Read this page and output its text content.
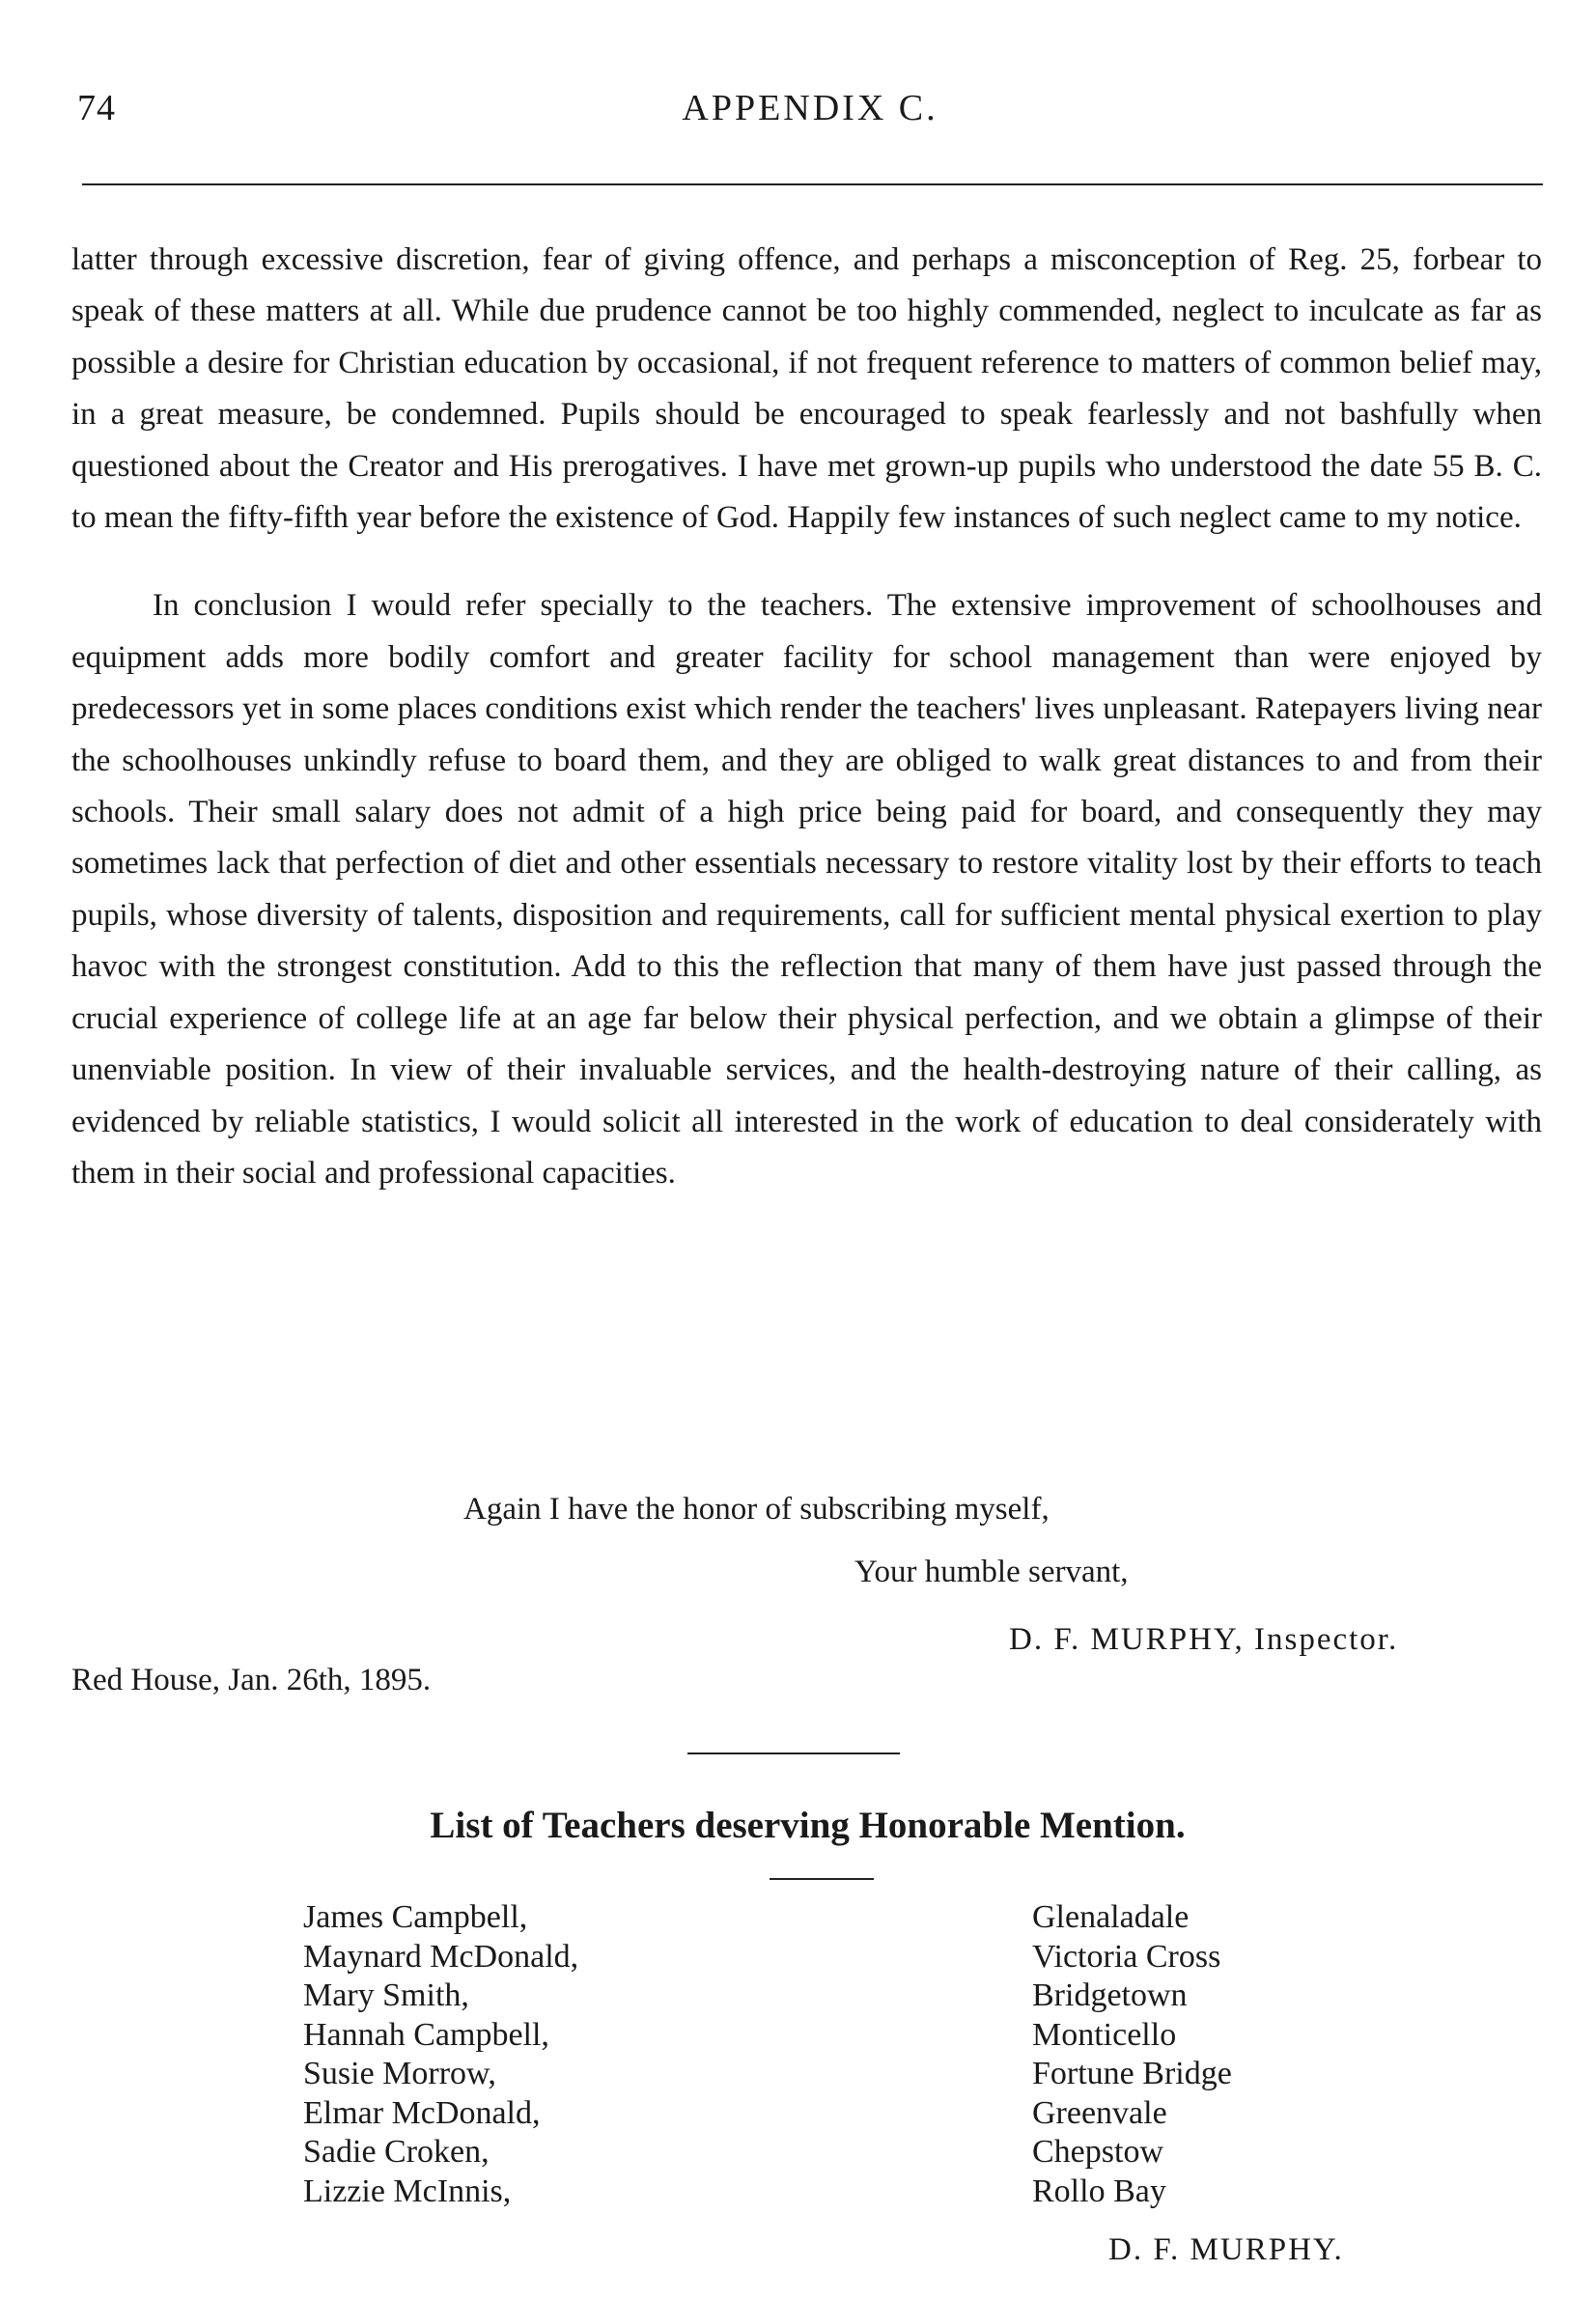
74	APPENDIX C.

latter through excessive discretion, fear of giving offence, and perhaps a misconception of Reg. 25, forbear to speak of these matters at all. While due prudence cannot be too highly commended, neglect to inculcate as far as possible a desire for Christian education by occasional, if not frequent reference to matters of common belief may, in a great measure, be condemned. Pupils should be encouraged to speak fearlessly and not bashfully when questioned about the Creator and His prerogatives. I have met grown-up pupils who understood the date 55 B. C. to mean the fifty-fifth year before the existence of God. Happily few instances of such neglect came to my notice.

In conclusion I would refer specially to the teachers. The extensive improvement of schoolhouses and equipment adds more bodily comfort and greater facility for school management than were enjoyed by predecessors yet in some places conditions exist which render the teachers' lives unpleasant. Ratepayers living near the schoolhouses unkindly refuse to board them, and they are obliged to walk great distances to and from their schools. Their small salary does not admit of a high price being paid for board, and consequently they may sometimes lack that perfection of diet and other essentials necessary to restore vitality lost by their efforts to teach pupils, whose diversity of talents, disposition and requirements, call for sufficient mental physical exertion to play havoc with the strongest constitution. Add to this the reflection that many of them have just passed through the crucial experience of college life at an age far below their physical perfection, and we obtain a glimpse of their unenviable position. In view of their invaluable services, and the health-destroying nature of their calling, as evidenced by reliable statistics, I would solicit all interested in the work of education to deal considerately with them in their social and professional capacities.

Again I have the honor of subscribing myself,
Your humble servant,
D. F. MURPHY, Inspector.
Red House, Jan. 26th, 1895.
List of Teachers deserving Honorable Mention.
James Campbell,	Glenaladale
Maynard McDonald,	Victoria Cross
Mary Smith,	Bridgetown
Hannah Campbell,	Monticello
Susie Morrow,	Fortune Bridge
Elmar McDonald,	Greenvale
Sadie Croken,	Chepstow
Lizzie McInnis,	Rollo Bay
D. F. MURPHY.
